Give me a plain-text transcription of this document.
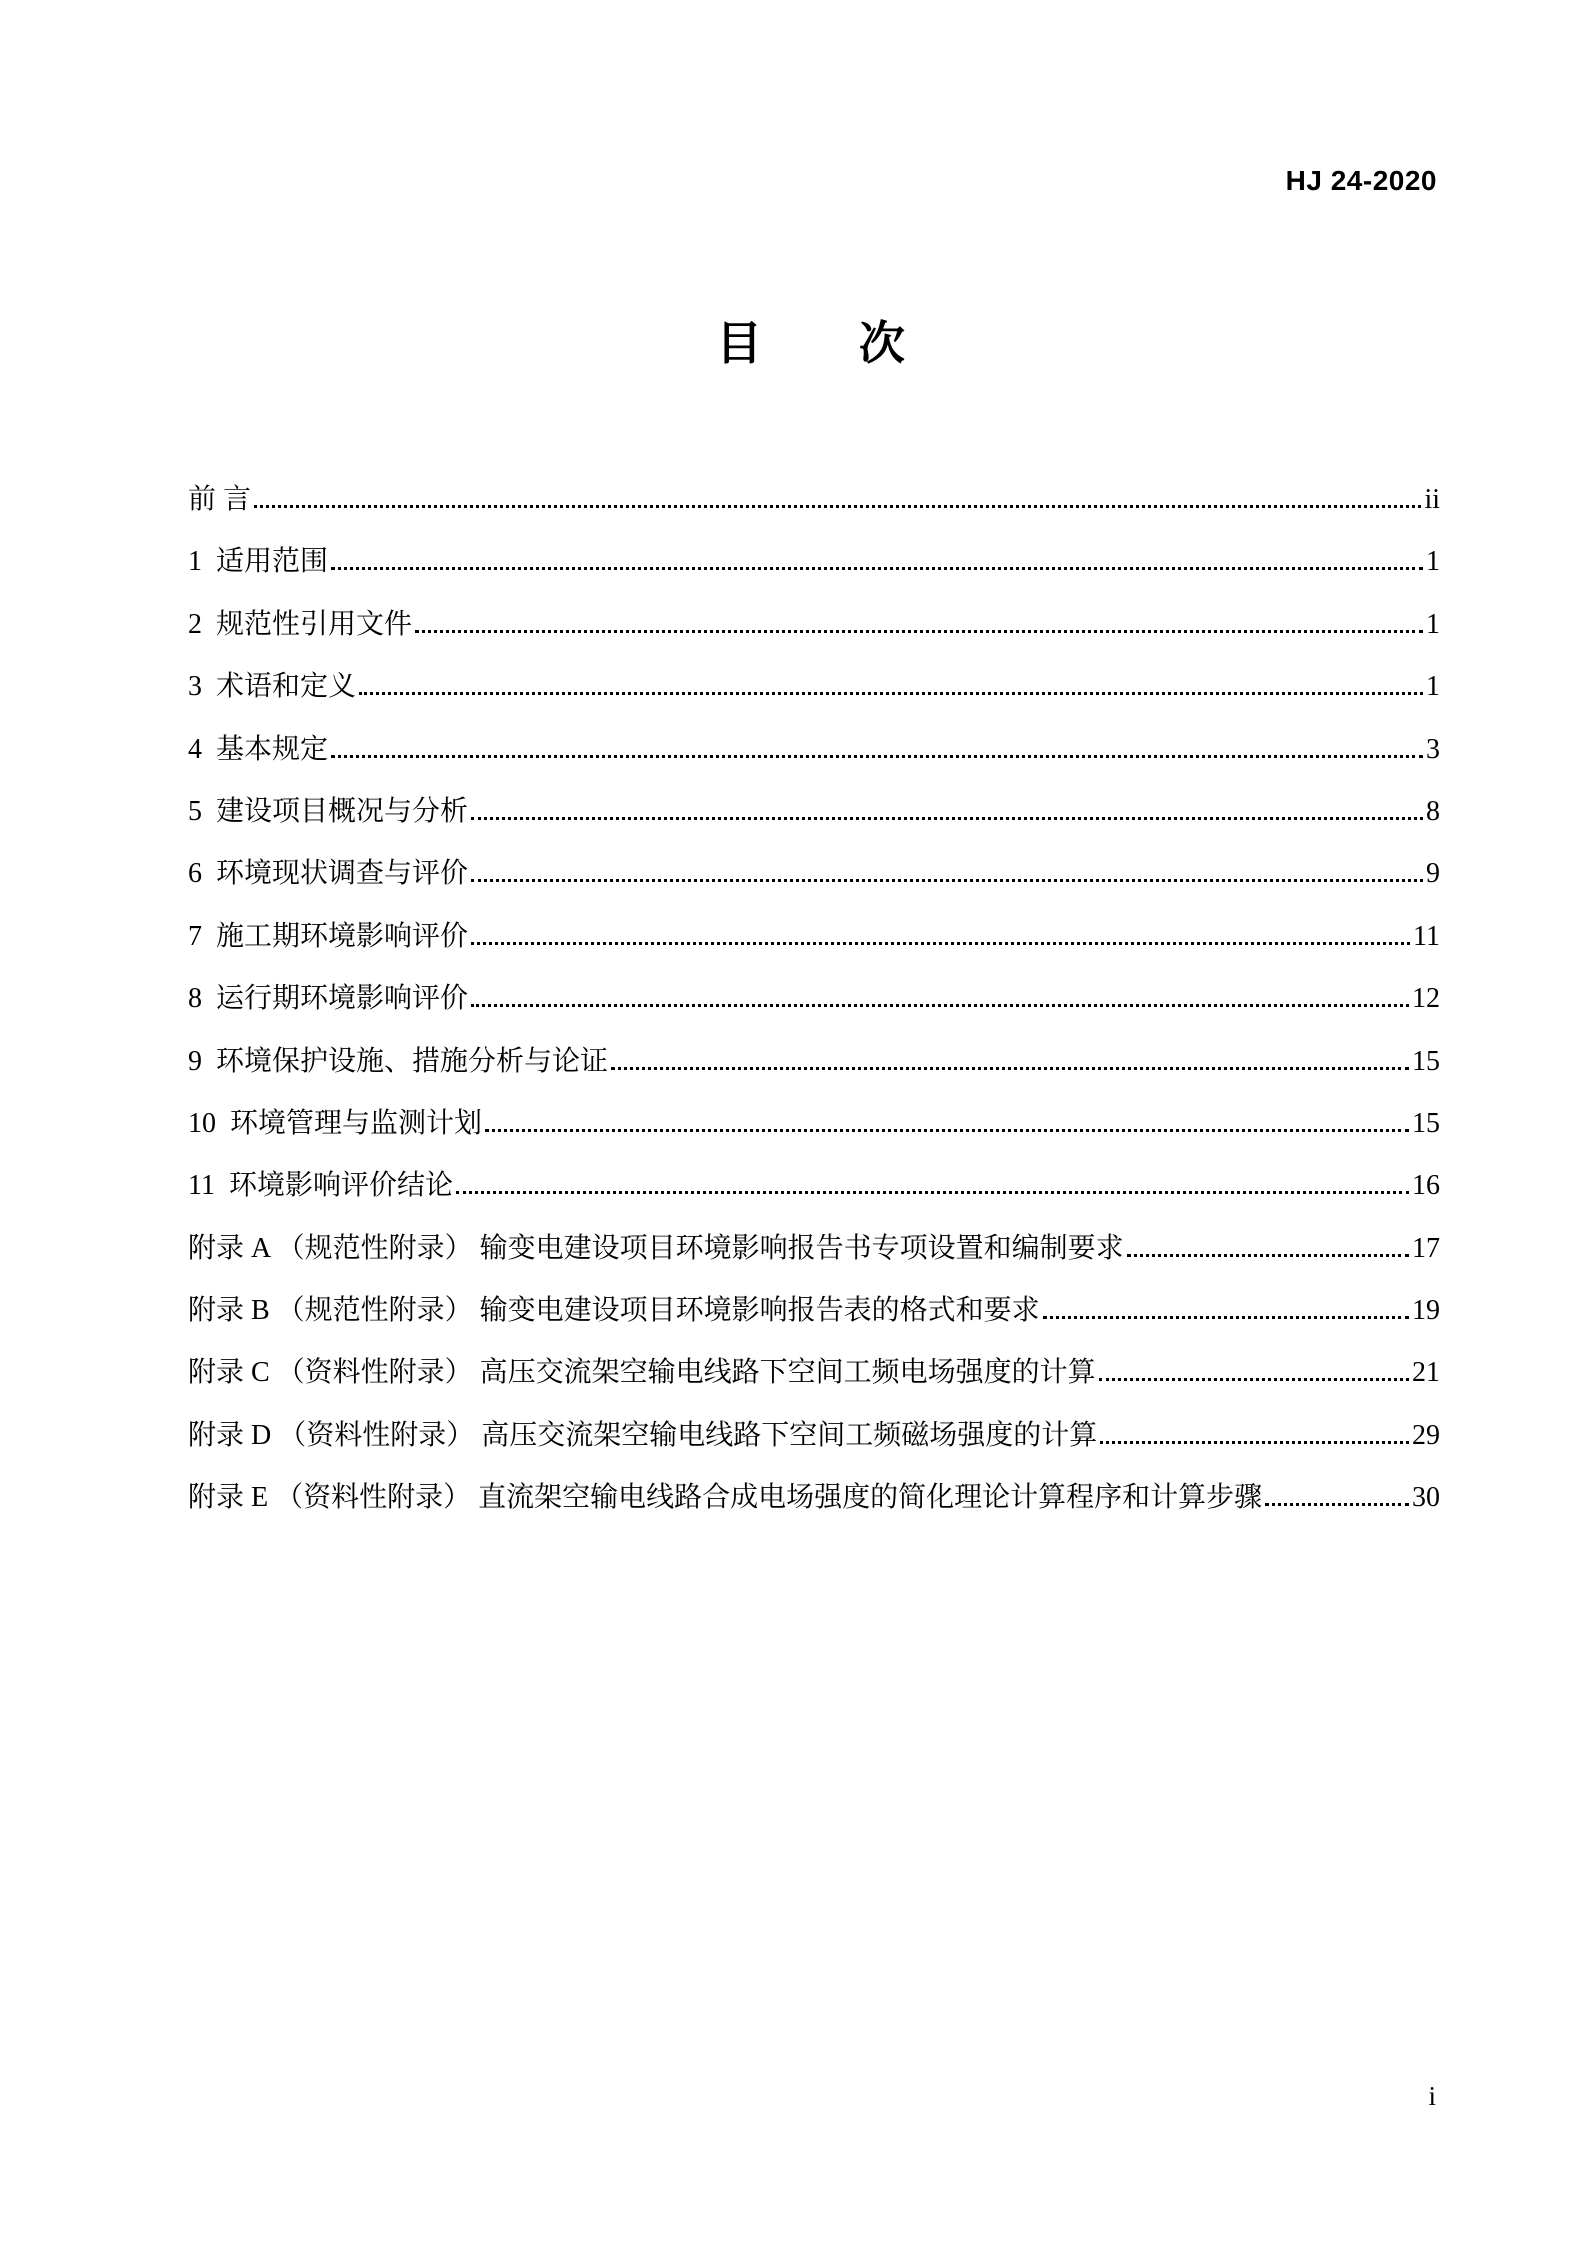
HJ 24-2020
目 次
前 言	ii
1  适用范围	1
2  规范性引用文件	1
3  术语和定义	1
4  基本规定	3
5  建设项目概况与分析	8
6  环境现状调查与评价	9
7  施工期环境影响评价	11
8  运行期环境影响评价	12
9  环境保护设施、措施分析与论证	15
10  环境管理与监测计划	15
11  环境影响评价结论	16
附录 A （规范性附录） 输变电建设项目环境影响报告书专项设置和编制要求	17
附录 B （规范性附录） 输变电建设项目环境影响报告表的格式和要求	19
附录 C （资料性附录） 高压交流架空输电线路下空间工频电场强度的计算	21
附录 D （资料性附录） 高压交流架空输电线路下空间工频磁场强度的计算	29
附录 E （资料性附录） 直流架空输电线路合成电场强度的简化理论计算程序和计算步骤	30
i
